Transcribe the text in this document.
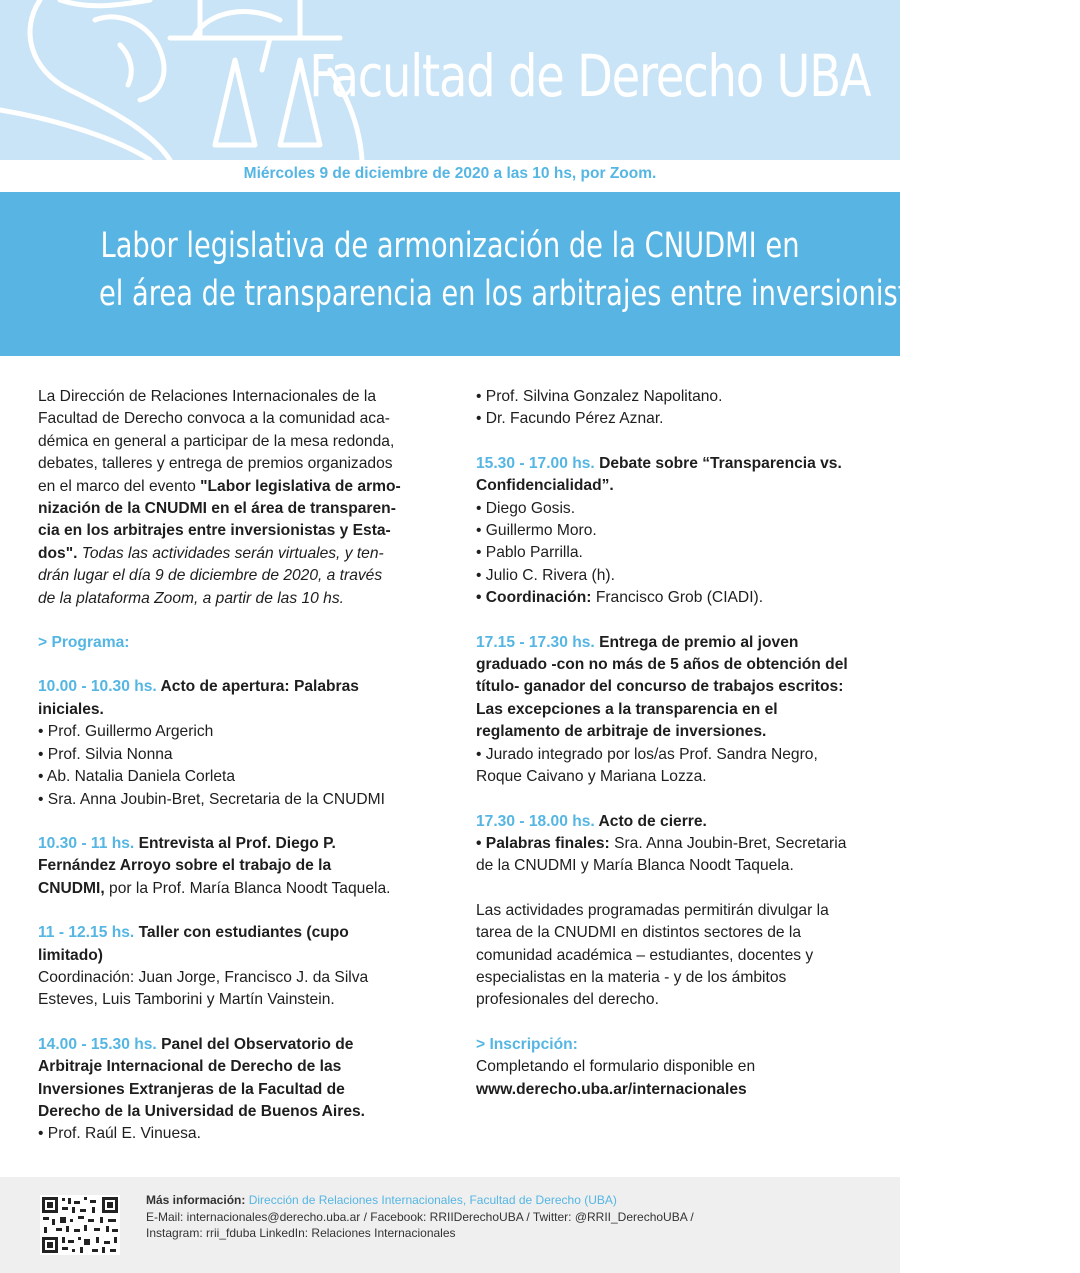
Facultad de Derecho UBA
Miércoles 9 de diciembre de 2020 a las 10 hs, por Zoom.
Labor legislativa de armonización de la CNUDMI en
el área de transparencia en los arbitrajes entre inversionistas y Estados
La Dirección de Relaciones Internacionales de la
Facultad de Derecho convoca a la comunidad aca-
démica en general a participar de la mesa redonda,
debates, talleres y entrega de premios organizados
en el marco del evento "Labor legislativa de armo-
nización de la CNUDMI en el área de transparen-
cia en los arbitrajes entre inversionistas y Esta-
dos". Todas las actividades serán virtuales, y ten-
drán lugar el día 9 de diciembre de 2020, a través
de la plataforma Zoom, a partir de las 10 hs.
> Programa:
10.00 - 10.30 hs. Acto de apertura: Palabras
iniciales.
• Prof. Guillermo Argerich
• Prof. Silvia Nonna
• Ab. Natalia Daniela Corleta
• Sra. Anna Joubin-Bret, Secretaria de la CNUDMI
10.30 - 11 hs. Entrevista al Prof. Diego P.
Fernández Arroyo sobre el trabajo de la
CNUDMI, por la Prof. María Blanca Noodt Taquela.
11 - 12.15 hs. Taller con estudiantes (cupo
limitado)
Coordinación: Juan Jorge, Francisco J. da Silva
Esteves, Luis Tamborini y Martín Vainstein.
14.00 - 15.30 hs. Panel del Observatorio de
Arbitraje Internacional de Derecho de las
Inversiones Extranjeras de la Facultad de
Derecho de la Universidad de Buenos Aires.
• Prof. Raúl E. Vinuesa.
• Prof. Silvina Gonzalez Napolitano.
• Dr. Facundo Pérez Aznar.
15.30 - 17.00 hs. Debate sobre “Transparencia vs.
Confidencialidad”.
• Diego Gosis.
• Guillermo Moro.
• Pablo Parrilla.
• Julio C. Rivera (h).
• Coordinación: Francisco Grob (CIADI).
17.15 - 17.30 hs. Entrega de premio al joven
graduado -con no más de 5 años de obtención del
título- ganador del concurso de trabajos escritos:
Las excepciones a la transparencia en el
reglamento de arbitraje de inversiones.
• Jurado integrado por los/as Prof. Sandra Negro,
Roque Caivano y Mariana Lozza.
17.30 - 18.00 hs. Acto de cierre.
• Palabras finales: Sra. Anna Joubin-Bret, Secretaria
de la CNUDMI y María Blanca Noodt Taquela.
Las actividades programadas permitirán divulgar la
tarea de la CNUDMI en distintos sectores de la
comunidad académica – estudiantes, docentes y
especialistas en la materia - y de los ámbitos
profesionales del derecho.
> Inscripción:
Completando el formulario disponible en
www.derecho.uba.ar/internacionales
Más información: Dirección de Relaciones Internacionales, Facultad de Derecho (UBA)
E-Mail: internacionales@derecho.uba.ar / Facebook: RRIIDerechoUBA / Twitter: @RRII_DerechoUBA /
Instagram: rrii_fduba LinkedIn: Relaciones Internacionales
